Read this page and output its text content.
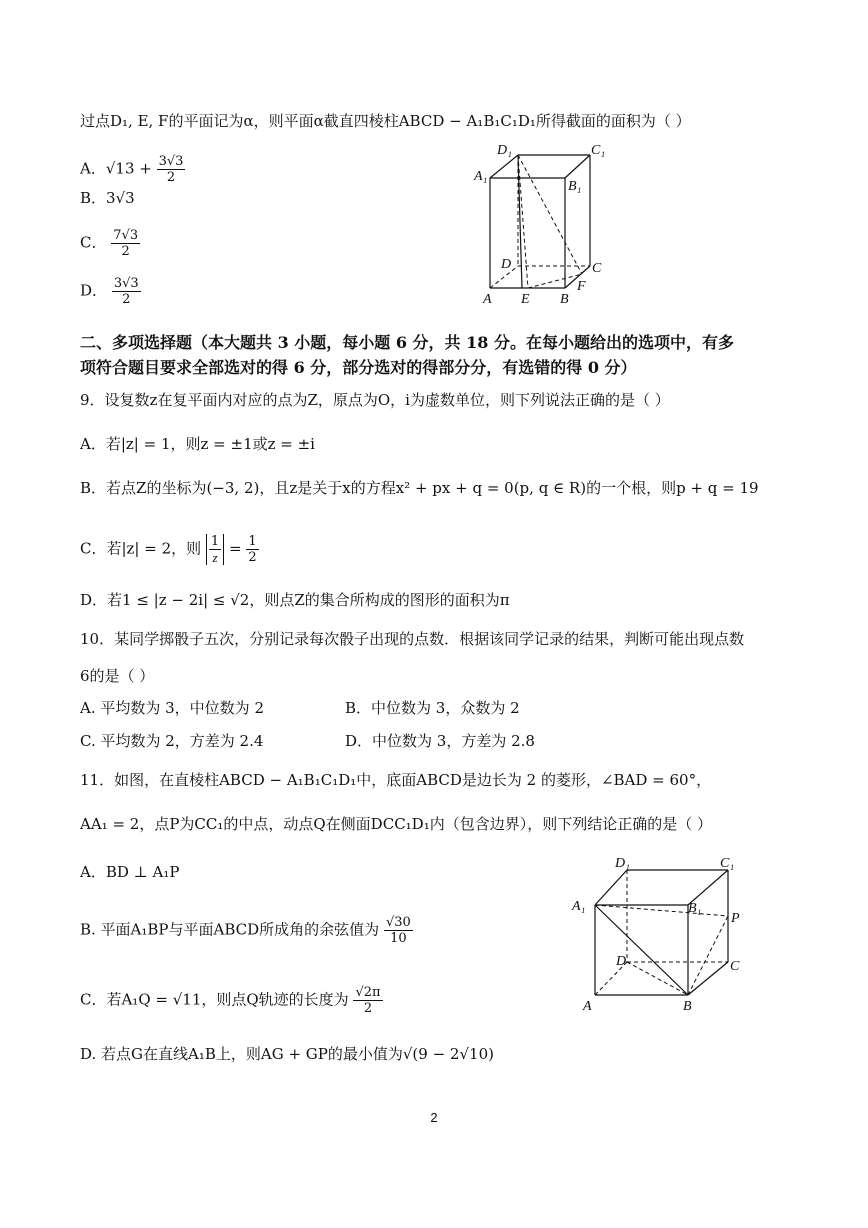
过点D₁, E, F的平面记为α，则平面α截直四棱柱ABCD − A₁B₁C₁D₁所得截面的面积为（ ）
A．$√13 + \frac{3√3}{2}$
B．3√3
C． $\frac{7√3}{2}$
D． $\frac{3√3}{2}$
D₁	C₁
A₁
B₁
D	C
A E B
F
二、多项选择题（本大题共 3 小题，每小题 6 分，共 18 分。在每小题给出的选项中，有多
项符合题目要求全部选对的得 6 分，部分选对的得部分分，有选错的得 0 分）
9．设复数z在复平面内对应的点为Z，原点为O，i为虚数单位，则下列说法正确的是（ ）
A．若|z| = 1，则z = ±1或z = ±i
B．若点Z的坐标为(−3, 2)，且z是关于x的方程x² + px + q = 0(p, q ∈ R)的一个根，则p + q = 19
C．若|z| = 2，则 $\frac{1}{z} = \frac{1}{2}$
D．若1 ≤ |z − 2i| ≤ √2，则点Z的集合所构成的图形的面积为π
10．某同学掷骰子五次，分别记录每次骰子出现的点数．根据该同学记录的结果，判断可能出现点数
6的是（ ）
A. 平均数为 3，中位数为 2	B．中位数为 3，众数为 2
C. 平均数为 2，方差为 2.4	D．中位数为 3，方差为 2.8
11．如图，在直棱柱ABCD − A₁B₁C₁D₁中，底面ABCD是边长为 2 的菱形，∠BAD = 60°，
AA₁ = 2，点P为CC₁的中点，动点Q在侧面DCC₁D₁内（包含边界），则下列结论正确的是（ ）
A．BD ⊥ A₁P
B. 平面A₁BP与平面ABCD所成角的余弦值为 $\frac{√30}{10}$
C．若A₁Q = √11，则点Q轨迹的长度为 $\frac{√2\pi}{2}$
D. 若点G在直线A₁B上，则AG + GP的最小值为√(9 − 2√10)
D₁	C₁
A₁	B₁
P
D	C
A	B
2
